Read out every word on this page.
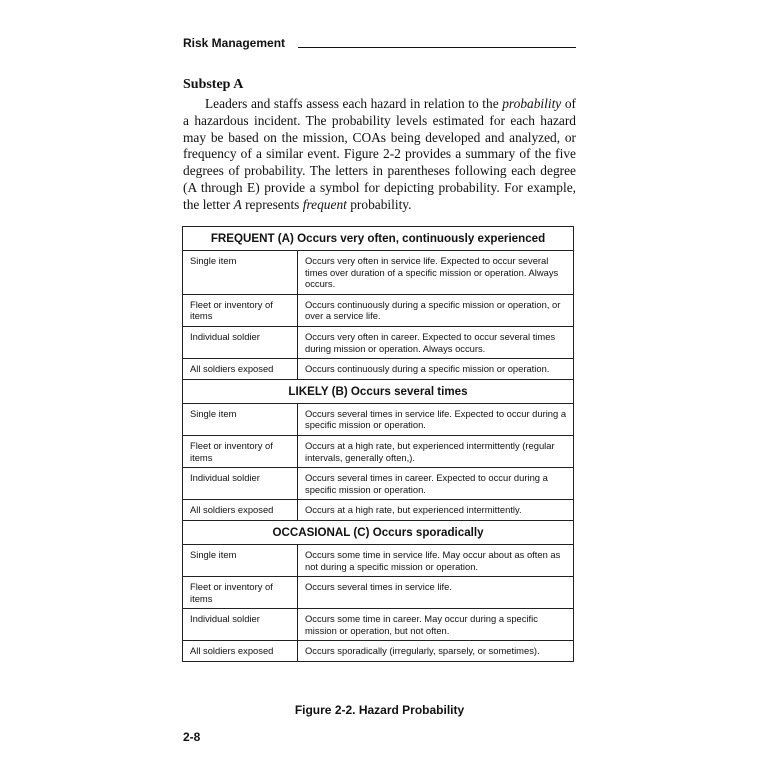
Risk Management
Substep A

Leaders and staffs assess each hazard in relation to the probability of a hazardous incident. The probability levels estimated for each hazard may be based on the mission, COAs being developed and analyzed, or frequency of a similar event. Figure 2-2 provides a summary of the five degrees of probability. The letters in parentheses following each degree (A through E) provide a symbol for depicting probability. For example, the letter A represents frequent probability.

FREQUENT (A) Occurs very often, continuously experienced	
Single item	Occurs very often in service life. Expected to occur several times over duration of a specific mission or operation. Always occurs.
Fleet or inventory of items	Occurs continuously during a specific mission or operation, or over a service life.
Individual soldier	Occurs very often in career. Expected to occur several times during mission or operation. Always occurs.
All soldiers exposed	Occurs continuously during a specific mission or operation.
LIKELY (B) Occurs several times	
Single item	Occurs several times in service life. Expected to occur during a specific mission or operation.
Fleet or inventory of items	Occurs at a high rate, but experienced intermittently (regular intervals, generally often,).
Individual soldier	Occurs several times in career. Expected to occur during a specific mission or operation.
All soldiers exposed	Occurs at a high rate, but experienced intermittently.
OCCASIONAL (C) Occurs sporadically	
Single item	Occurs some time in service life. May occur about as often as not during a specific mission or operation.
Fleet or inventory of items	Occurs several times in service life.
Individual soldier	Occurs some time in career. May occur during a specific mission or operation, but not often.
All soldiers exposed	Occurs sporadically (irregularly, sparsely, or sometimes).
Figure 2-2. Hazard Probability
2-8
